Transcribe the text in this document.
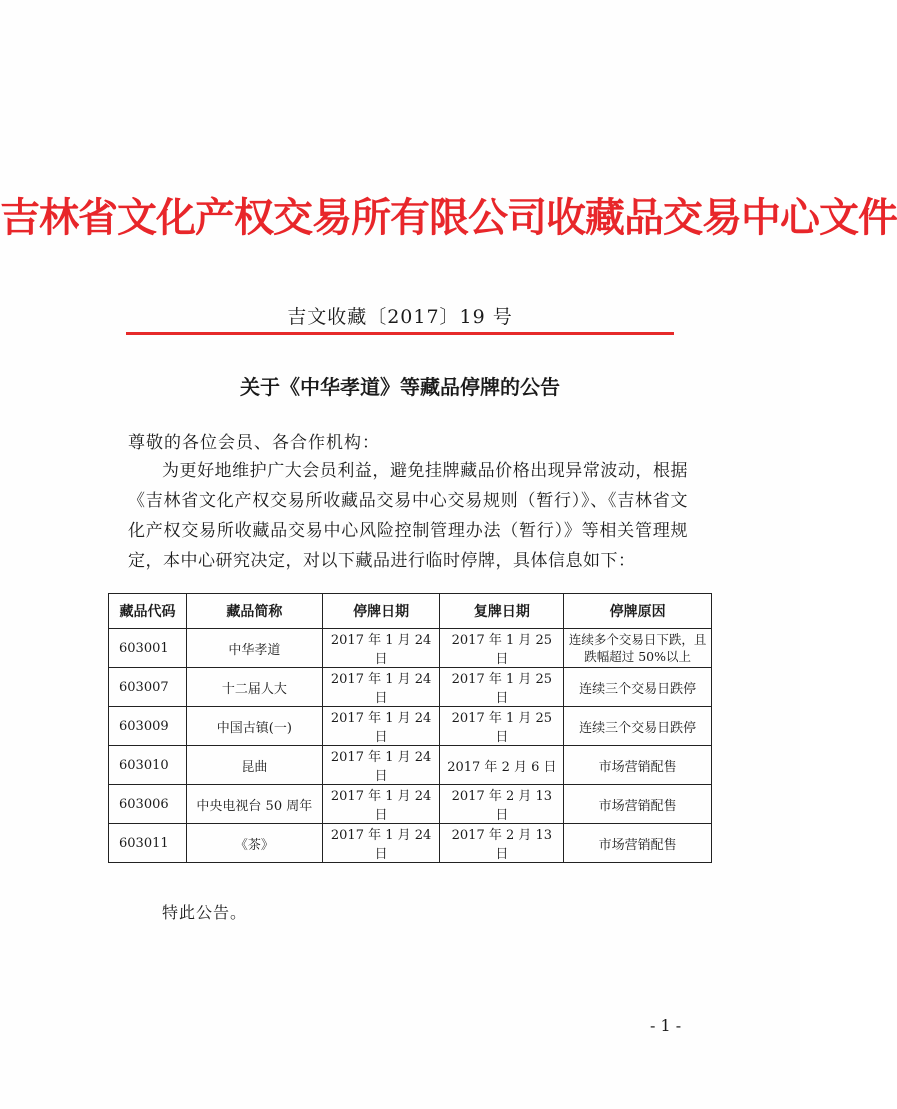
吉林省文化产权交易所有限公司收藏品交易中心文件
吉文收藏〔2017〕19 号
关于《中华孝道》等藏品停牌的公告
尊敬的各位会员、各合作机构：
为更好地维护广大会员利益，避免挂牌藏品价格出现异常波动，根据《吉林省文化产权交易所收藏品交易中心交易规则（暂行）》、《吉林省文化产权交易所收藏品交易中心风险控制管理办法（暂行）》等相关管理规定，本中心研究决定，对以下藏品进行临时停牌，具体信息如下：
藏品代码	藏品简称	停牌日期	复牌日期	停牌原因
603001	中华孝道	2017 年 1 月 24 日	2017 年 1 月 25 日	连续多个交易日下跌，且跌幅超过 50%以上
603007	十二届人大	2017 年 1 月 24 日	2017 年 1 月 25 日	连续三个交易日跌停
603009	中国古镇(一)	2017 年 1 月 24 日	2017 年 1 月 25 日	连续三个交易日跌停
603010	昆曲	2017 年 1 月 24 日	2017 年 2 月 6 日	市场营销配售
603006	中央电视台 50 周年	2017 年 1 月 24 日	2017 年 2 月 13 日	市场营销配售
603011	《茶》	2017 年 1 月 24 日	2017 年 2 月 13 日	市场营销配售
特此公告。
- 1 -
